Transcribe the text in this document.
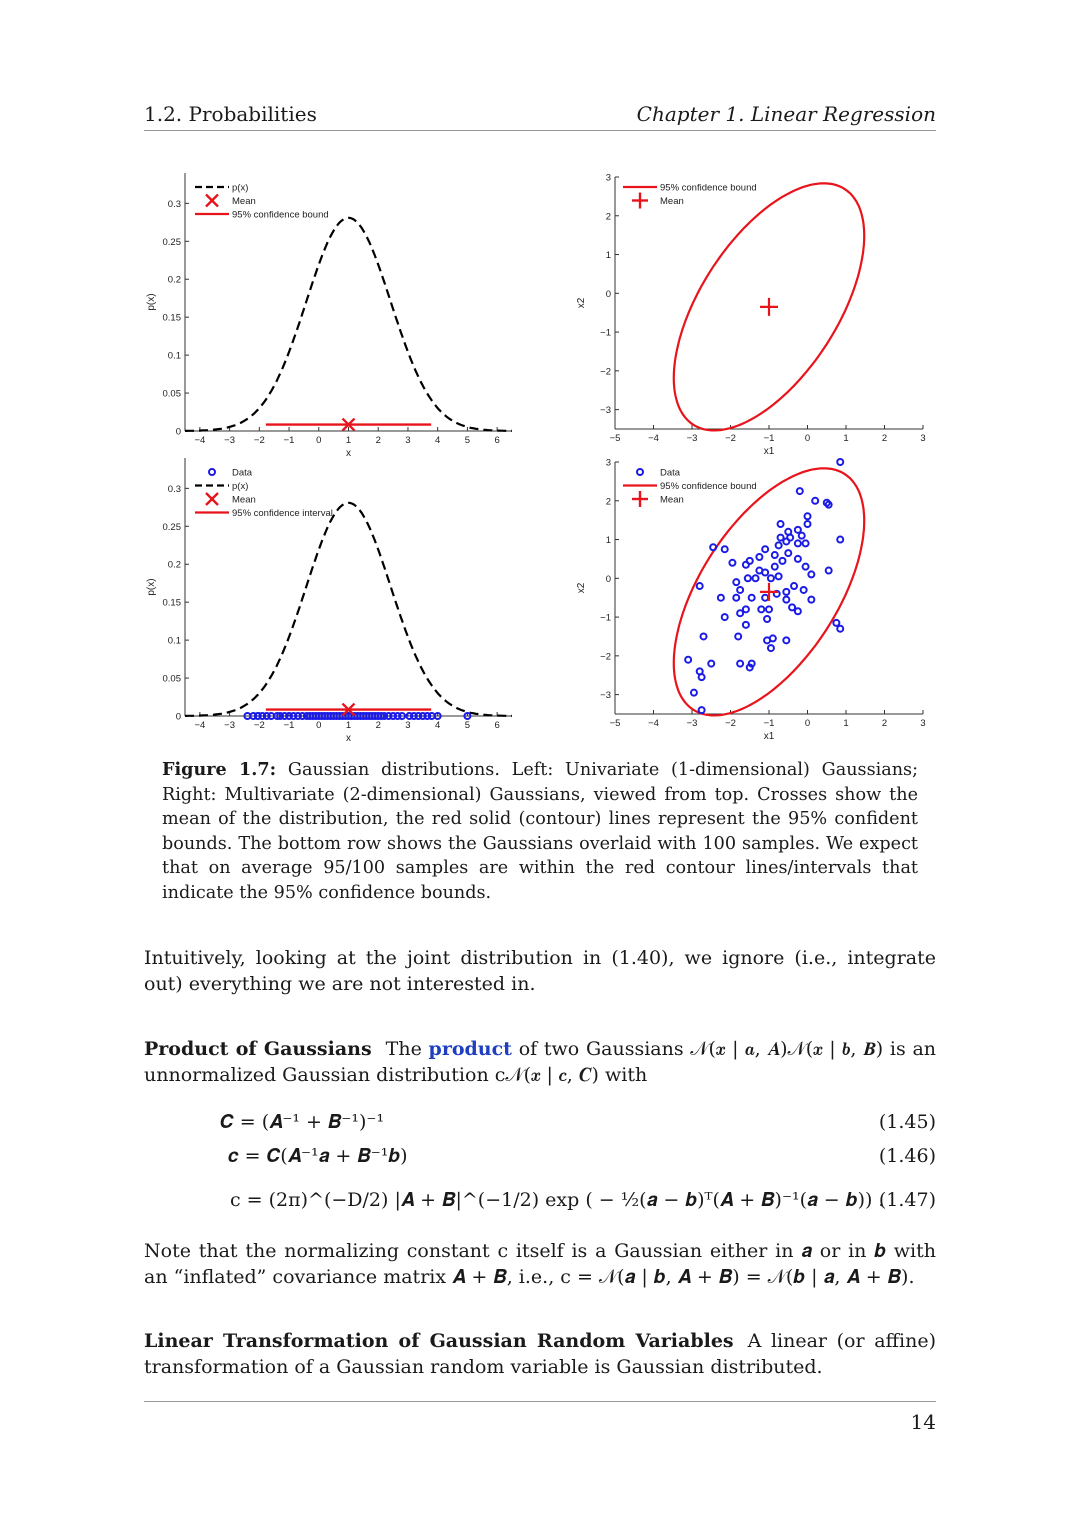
1.2. Probabilities	Chapter 1. Linear Regression
−4 −3 −2 −1 0	1	2	3	4	5	6
0
0.05
0.1
0.15
0.2
0.25
0.3
x
p(x)
p(x)
Mean
95% confidence bound
−5	−4	−3	−2	−1	0	1	2	3
−3
−2
−1
0
1
2
3
x1
x2
95% confidence bound
Mean
−4 −3 −2 −1 0	1	2	3	4	5	6
0
0.05
0.1
0.15
0.2
0.25
0.3
x
p(x)
Data
p(x)
Mean
95% confidence interval
−5	−4	−3	−2	−1	0	1	2	3
−3
−2
−1
0
1
2
3
x1
x2
Data
95% confidence bound
Mean
Figure 1.7: Gaussian distributions. Left: Univariate (1-dimensional) Gaussians; Right: Multivariate (2-dimensional) Gaussians, viewed from top. Crosses show the mean of the distribution, the red solid (contour) lines represent the 95% confident bounds. The bottom row shows the Gaussians overlaid with 100 samples. We expect that on average 95/100 samples are within the red contour lines/intervals that indicate the 95% confidence bounds.
Intuitively, looking at the joint distribution in (1.40), we ignore (i.e., integrate out) everything we are not interested in.
Product of Gaussians The product of two Gaussians 𝒩(𝒙 | 𝒂, 𝑨)𝒩(𝒙 | 𝒃, 𝑩) is an unnormalized Gaussian distribution c𝒩(𝒙 | 𝒄, 𝑪) with
𝑪 = (𝑨⁻¹ + 𝑩⁻¹)⁻¹	(1.45)
𝒄 = 𝑪(𝑨⁻¹𝒂 + 𝑩⁻¹𝒃)	(1.46)
c = (2π)^(−D/2) |𝑨 + 𝑩|^(−1/2) exp ( − ½(𝒂 − 𝒃)ᵀ(𝑨 + 𝑩)⁻¹(𝒂 − 𝒃)) .
(1.47)
Note that the normalizing constant c itself is a Gaussian either in 𝒂 or in 𝒃 with an “inflated” covariance matrix 𝑨 + 𝑩, i.e., c = 𝒩(𝒂 | 𝒃, 𝑨 + 𝑩) = 𝒩(𝒃 | 𝒂, 𝑨 + 𝑩).
Linear Transformation of Gaussian Random Variables A linear (or affine) transformation of a Gaussian random variable is Gaussian distributed.
14
